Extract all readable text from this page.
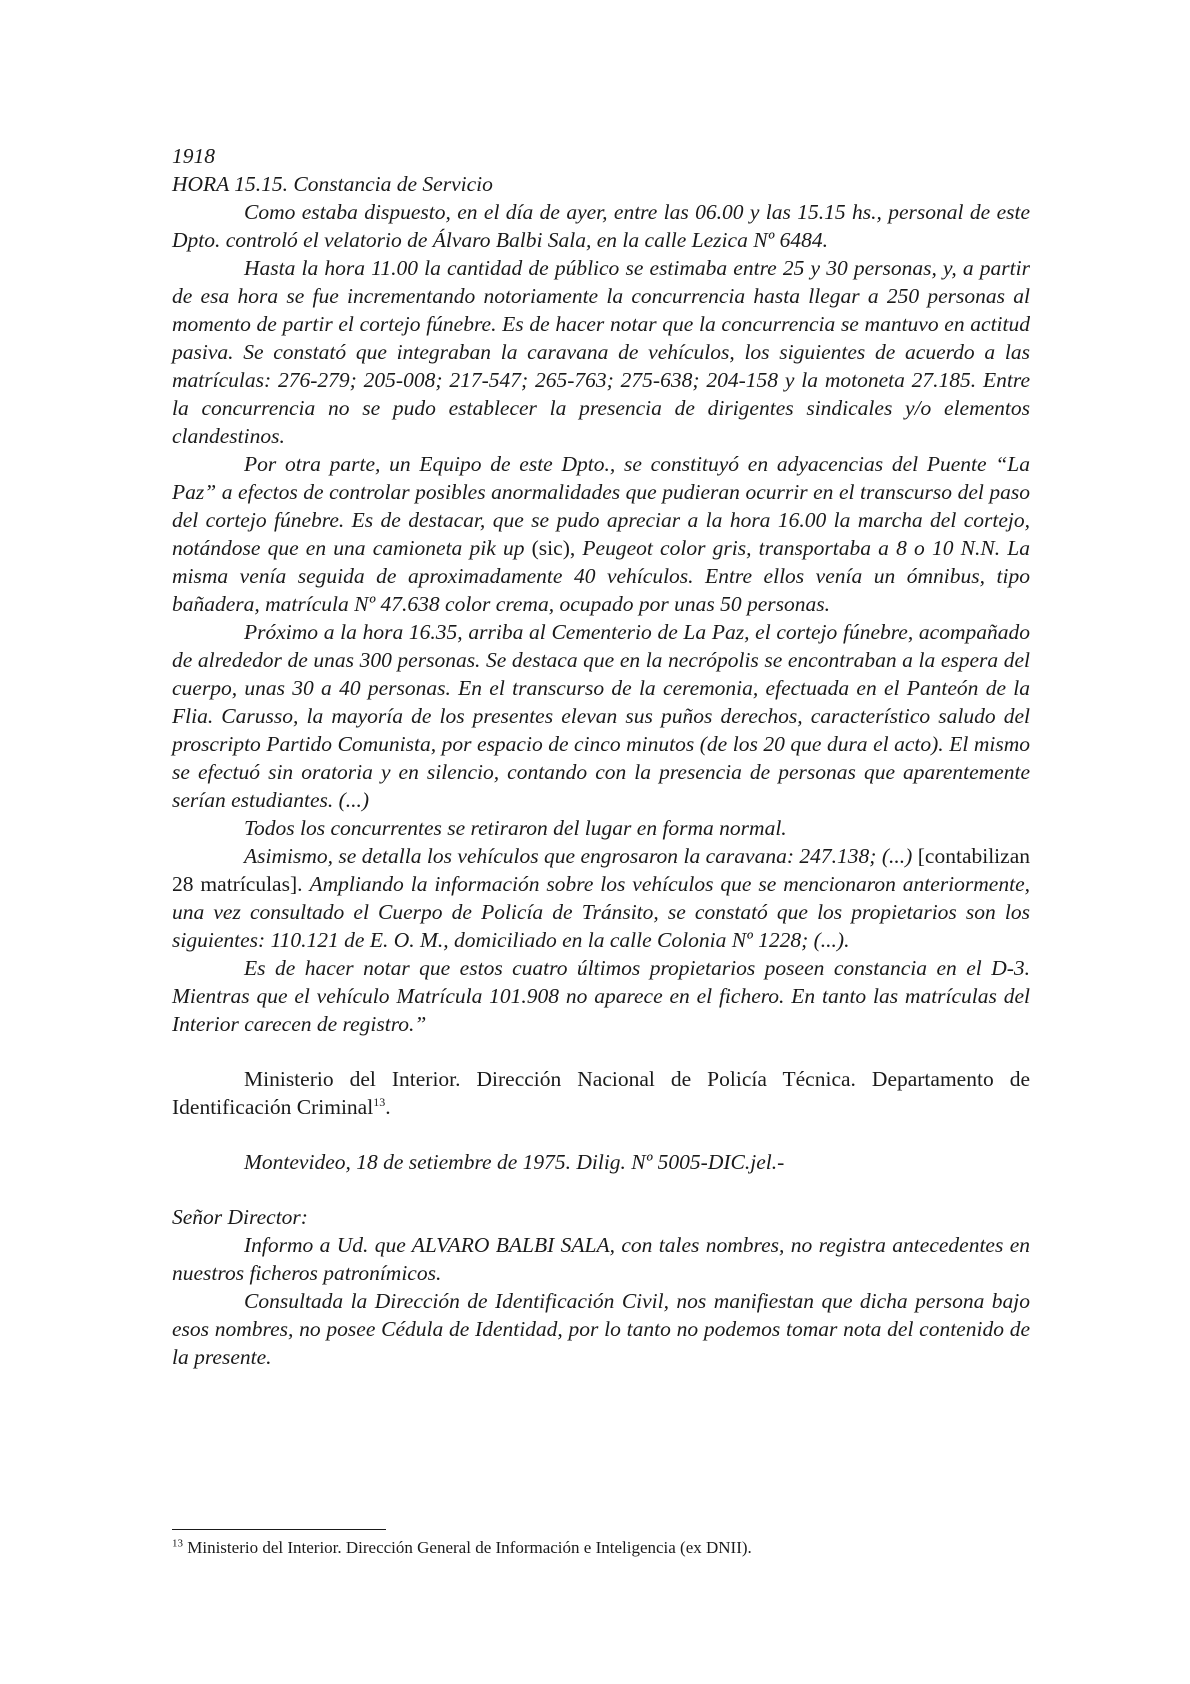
1918

HORA 15.15. Constancia de Servicio

Como estaba dispuesto, en el día de ayer, entre las 06.00 y las 15.15 hs., personal de este Dpto. controló el velatorio de Álvaro Balbi Sala, en la calle Lezica Nº 6484.

Hasta la hora 11.00 la cantidad de público se estimaba entre 25 y 30 personas, y, a partir de esa hora se fue incrementando notoriamente la concurrencia hasta llegar a 250 personas al momento de partir el cortejo fúnebre. Es de hacer notar que la concurrencia se mantuvo en actitud pasiva. Se constató que integraban la caravana de vehículos, los siguientes de acuerdo a las matrículas: 276-279; 205-008; 217-547; 265-763; 275-638; 204-158 y la motoneta 27.185. Entre la concurrencia no se pudo establecer la presencia de dirigentes sindicales y/o elementos clandestinos.

Por otra parte, un Equipo de este Dpto., se constituyó en adyacencias del Puente “La Paz” a efectos de controlar posibles anormalidades que pudieran ocurrir en el transcurso del paso del cortejo fúnebre. Es de destacar, que se pudo apreciar a la hora 16.00 la marcha del cortejo, notándose que en una camioneta pik up (sic), Peugeot color gris, transportaba a 8 o 10 N.N. La misma venía seguida de aproximadamente 40 vehículos. Entre ellos venía un ómnibus, tipo bañadera, matrícula Nº 47.638 color crema, ocupado por unas 50 personas.

Próximo a la hora 16.35, arriba al Cementerio de La Paz, el cortejo fúnebre, acompañado de alrededor de unas 300 personas. Se destaca que en la necrópolis se encontraban a la espera del cuerpo, unas 30 a 40 personas. En el transcurso de la ceremonia, efectuada en el Panteón de la Flia. Carusso, la mayoría de los presentes elevan sus puños derechos, característico saludo del proscripto Partido Comunista, por espacio de cinco minutos (de los 20 que dura el acto). El mismo se efectuó sin oratoria y en silencio, contando con la presencia de personas que aparentemente serían estudiantes. (...)

Todos los concurrentes se retiraron del lugar en forma normal.

Asimismo, se detalla los vehículos que engrosaron la caravana: 247.138; (...) [contabilizan 28 matrículas]. Ampliando la información sobre los vehículos que se mencionaron anteriormente, una vez consultado el Cuerpo de Policía de Tránsito, se constató que los propietarios son los siguientes: 110.121 de E. O. M., domiciliado en la calle Colonia Nº 1228; (...).

Es de hacer notar que estos cuatro últimos propietarios poseen constancia en el D-3. Mientras que el vehículo Matrícula 101.908 no aparece en el fichero. En tanto las matrículas del Interior carecen de registro.”

Ministerio del Interior. Dirección Nacional de Policía Técnica. Departamento de Identificación Criminal$^{13}$.

Montevideo, 18 de setiembre de 1975. Dilig. Nº 5005-DIC.jel.-

Señor Director:

Informo a Ud. que ALVARO BALBI SALA, con tales nombres, no registra antecedentes en nuestros ficheros patronímicos.

Consultada la Dirección de Identificación Civil, nos manifiestan que dicha persona bajo esos nombres, no posee Cédula de Identidad, por lo tanto no podemos tomar nota del contenido de la presente.

$^{13}$ Ministerio del Interior. Dirección General de Información e Inteligencia (ex DNII).
